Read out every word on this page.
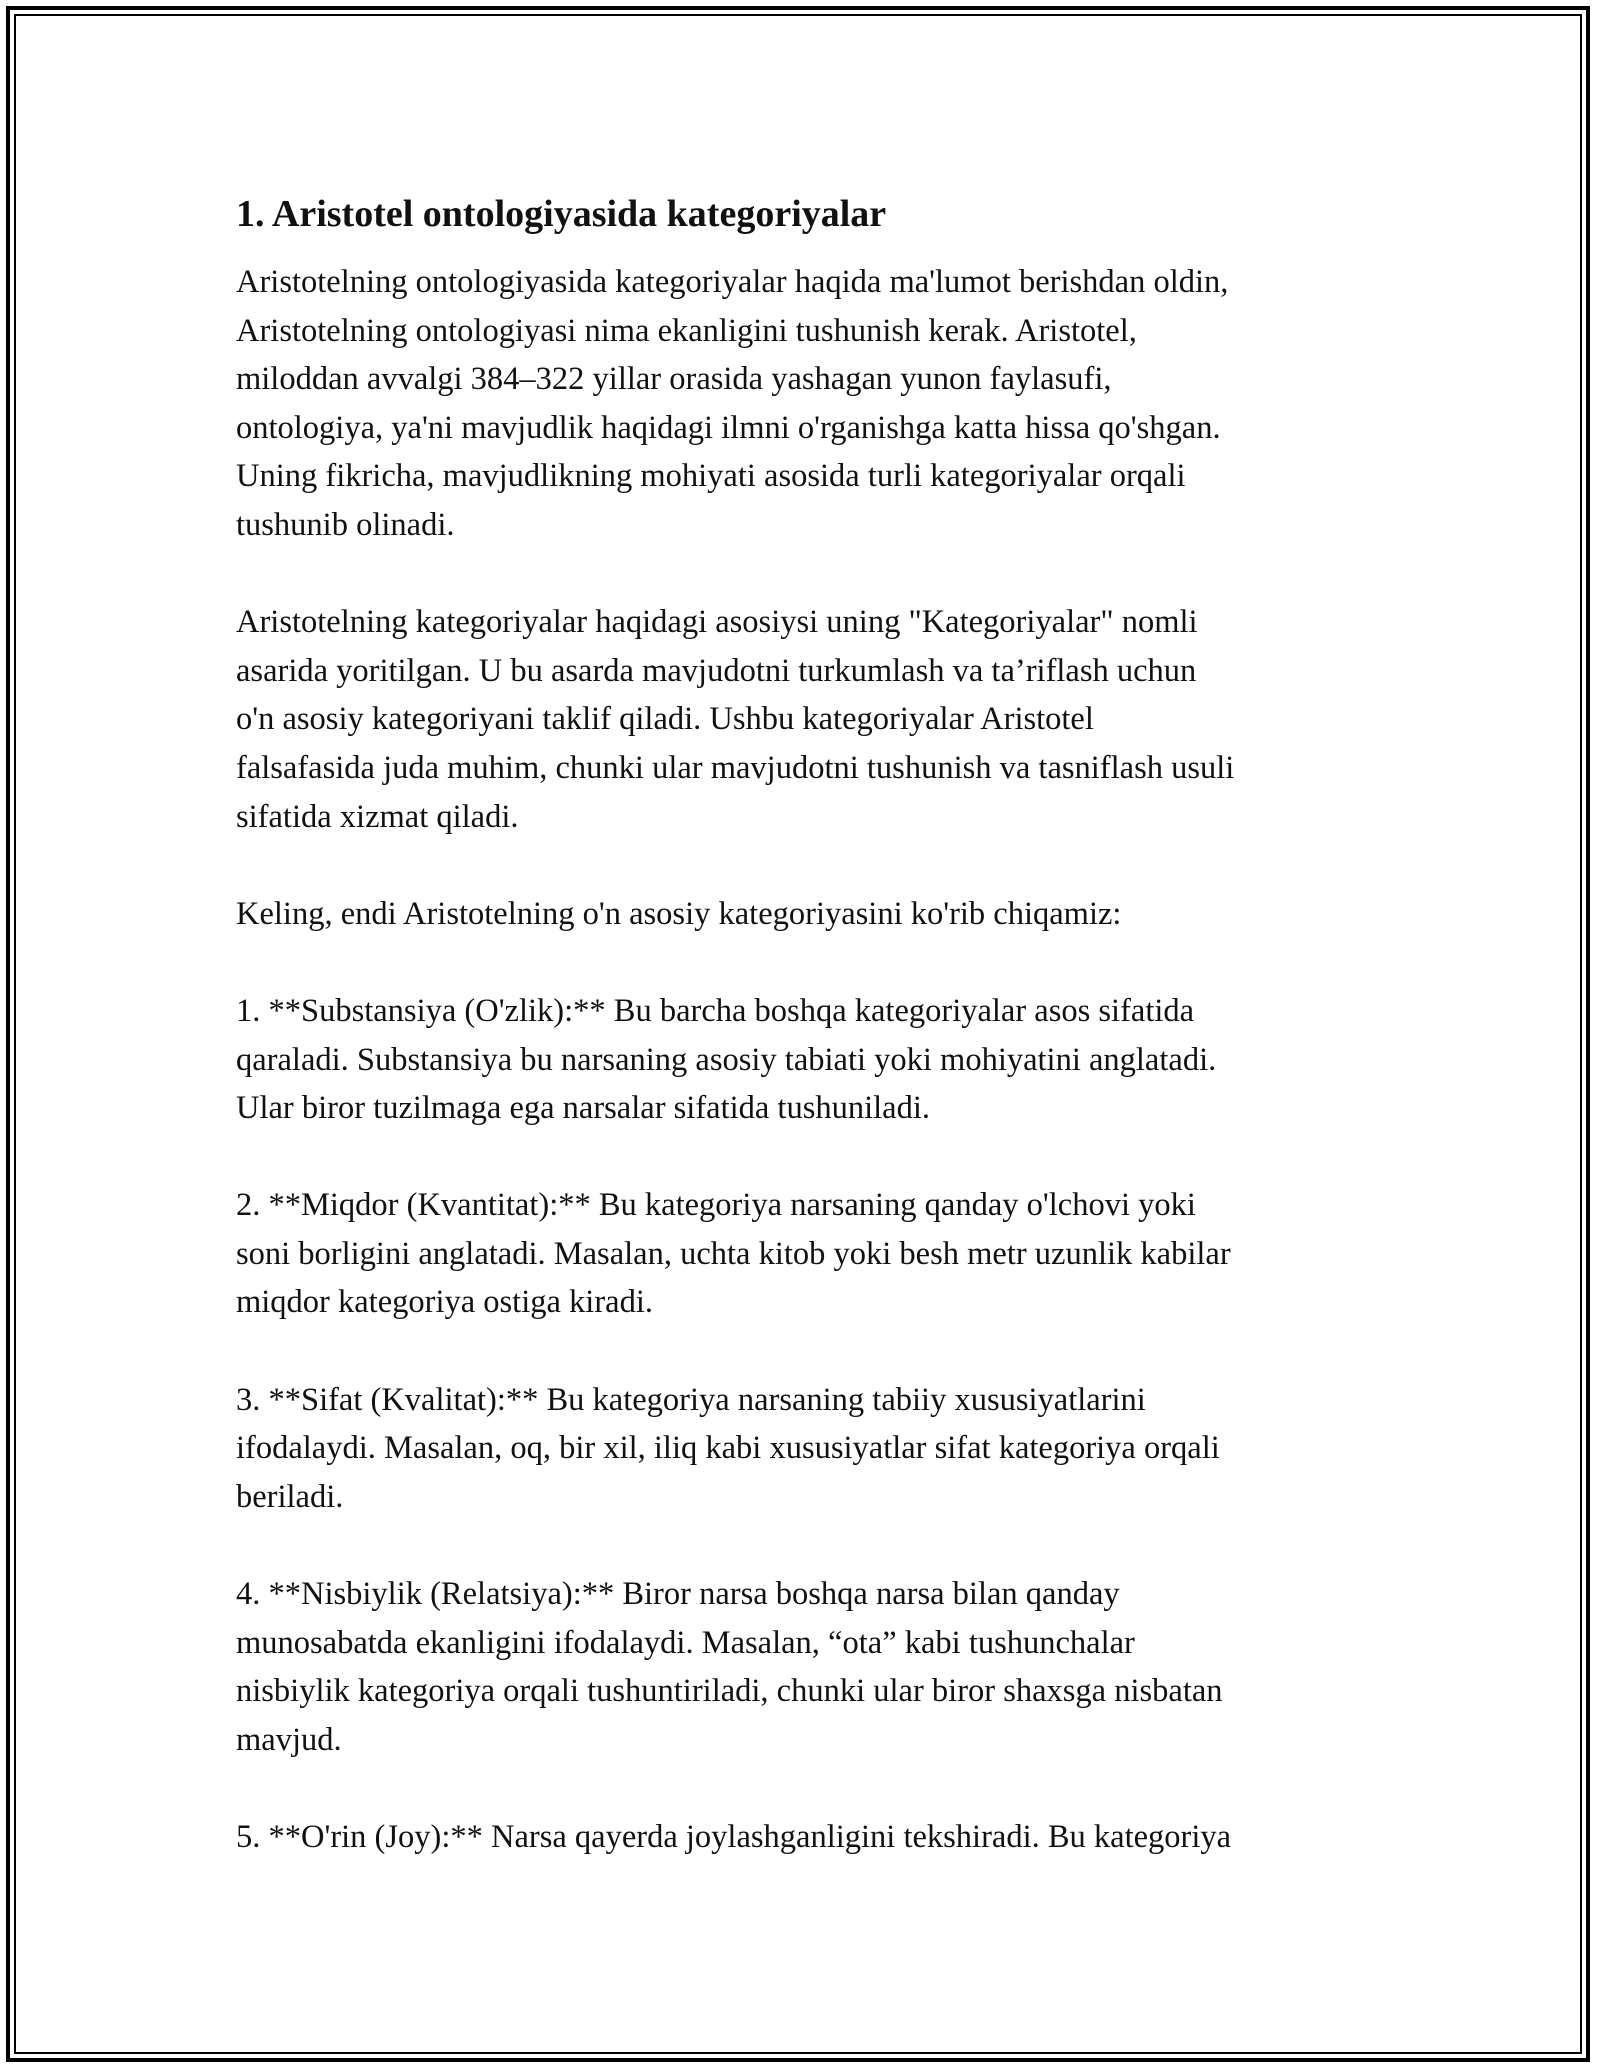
1. Aristotel ontologiyasida kategoriyalar
Aristotelning ontologiyasida kategoriyalar haqida ma'lumot berishdan oldin,
Aristotelning ontologiyasi nima ekanligini tushunish kerak. Aristotel,
miloddan avvalgi 384–322 yillar orasida yashagan yunon faylasufi,
ontologiya, ya'ni mavjudlik haqidagi ilmni o'rganishga katta hissa qo'shgan.
Uning fikricha, mavjudlikning mohiyati asosida turli kategoriyalar orqali
tushunib olinadi.
Aristotelning kategoriyalar haqidagi asosiysi uning "Kategoriyalar" nomli
asarida yoritilgan. U bu asarda mavjudotni turkumlash va ta’riflash uchun
o'n asosiy kategoriyani taklif qiladi. Ushbu kategoriyalar Aristotel
falsafasida juda muhim, chunki ular mavjudotni tushunish va tasniflash usuli
sifatida xizmat qiladi.
Keling, endi Aristotelning o'n asosiy kategoriyasini ko'rib chiqamiz:
1. **Substansiya (O'zlik):** Bu barcha boshqa kategoriyalar asos sifatida
qaraladi. Substansiya bu narsaning asosiy tabiati yoki mohiyatini anglatadi.
Ular biror tuzilmaga ega narsalar sifatida tushuniladi.
2. **Miqdor (Kvantitat):** Bu kategoriya narsaning qanday o'lchovi yoki
soni borligini anglatadi. Masalan, uchta kitob yoki besh metr uzunlik kabilar
miqdor kategoriya ostiga kiradi.
3. **Sifat (Kvalitat):** Bu kategoriya narsaning tabiiy xususiyatlarini
ifodalaydi. Masalan, oq, bir xil, iliq kabi xususiyatlar sifat kategoriya orqali
beriladi.
4. **Nisbiylik (Relatsiya):** Biror narsa boshqa narsa bilan qanday
munosabatda ekanligini ifodalaydi. Masalan, “ota” kabi tushunchalar
nisbiylik kategoriya orqali tushuntiriladi, chunki ular biror shaxsga nisbatan
mavjud.
5. **O'rin (Joy):** Narsa qayerda joylashganligini tekshiradi. Bu kategoriya
